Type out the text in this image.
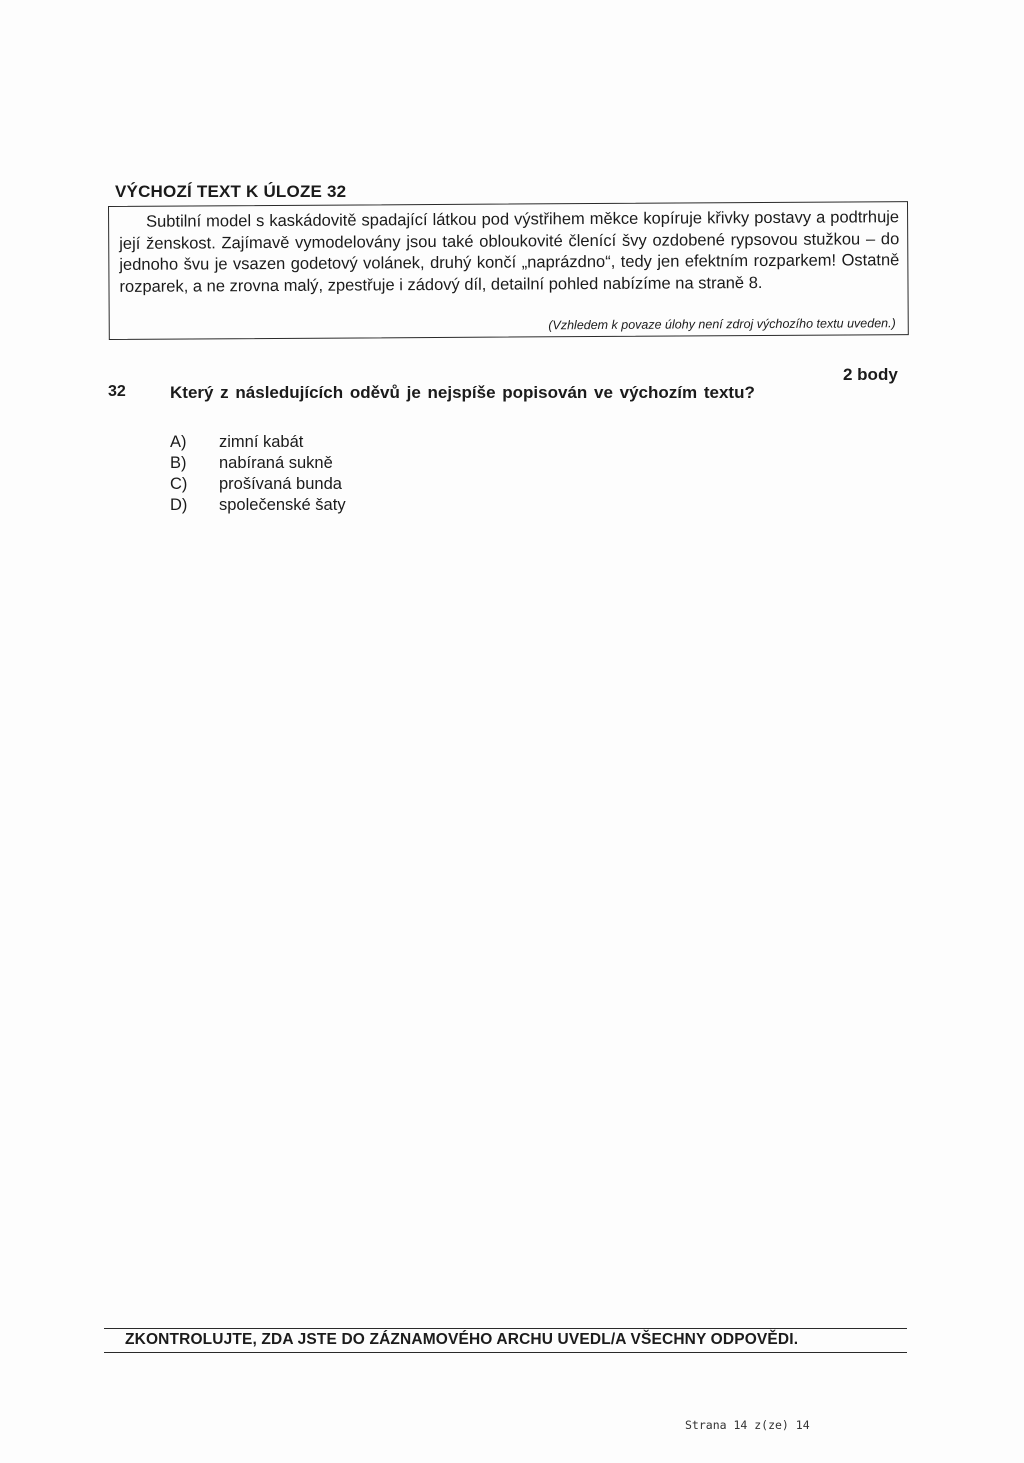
VÝCHOZÍ TEXT K ÚLOZE 32

Subtilní model s kaskádovitě spadající látkou pod výstřihem měkce kopíruje křivky postavy a podtrhuje její ženskost. Zajímavě vymodelovány jsou také obloukovité členící švy ozdobené rypsovou stužkou – do jednoho švu je vsazen godetový volánek, druhý končí „naprázdno“, tedy jen efektním rozparkem! Ostatně rozparek, a ne zrovna malý, zpestřuje i zádový díl, detailní pohled nabízíme na straně 8.

(Vzhledem k povaze úlohy není zdroj výchozího textu uveden.)
2 body
32	Který z následujících oděvů je nejspíše popisován ve výchozím textu?
A)	zimní kabát
B)	nabíraná sukně
C)	prošívaná bunda
D)	společenské šaty
ZKONTROLUJTE, ZDA JSTE DO ZÁZNAMOVÉHO ARCHU UVEDL/A VŠECHNY ODPOVĚDI.
Strana 14 z(ze) 14
